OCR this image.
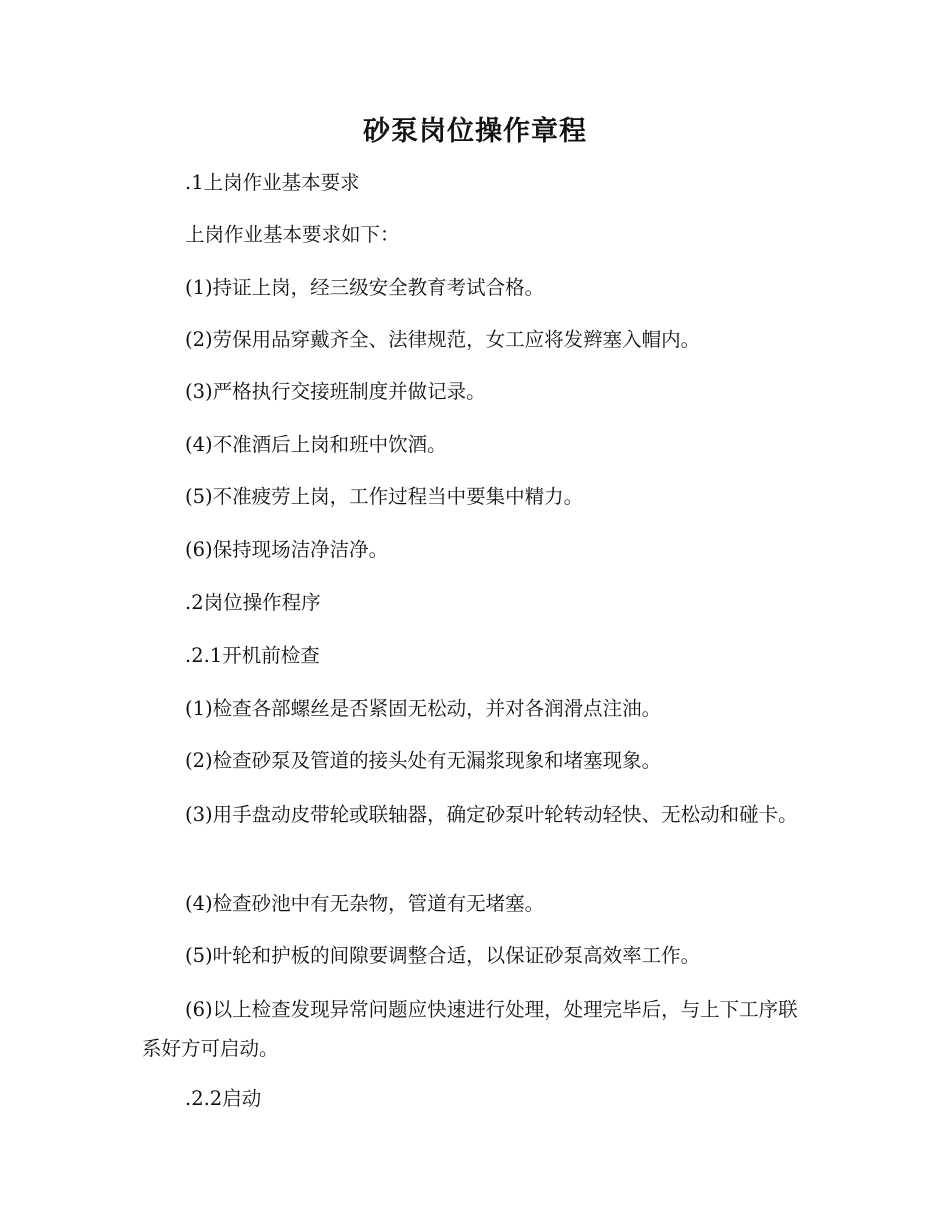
砂泵岗位操作章程
.1上岗作业基本要求
上岗作业基本要求如下：
(1)持证上岗，经三级安全教育考试合格。
(2)劳保用品穿戴齐全、法律规范，女工应将发辫塞入帽内。
(3)严格执行交接班制度并做记录。
(4)不准酒后上岗和班中饮酒。
(5)不准疲劳上岗，工作过程当中要集中精力。
(6)保持现场洁净洁净。
.2岗位操作程序
.2.1开机前检查
(1)检查各部螺丝是否紧固无松动，并对各润滑点注油。
(2)检查砂泵及管道的接头处有无漏浆现象和堵塞现象。
(3)用手盘动皮带轮或联轴器，确定砂泵叶轮转动轻快、无松动和碰卡。
(4)检查砂池中有无杂物，管道有无堵塞。
(5)叶轮和护板的间隙要调整合适，以保证砂泵高效率工作。
(6)以上检查发现异常问题应快速进行处理，处理完毕后，与上下工序联系好方可启动。
.2.2启动
